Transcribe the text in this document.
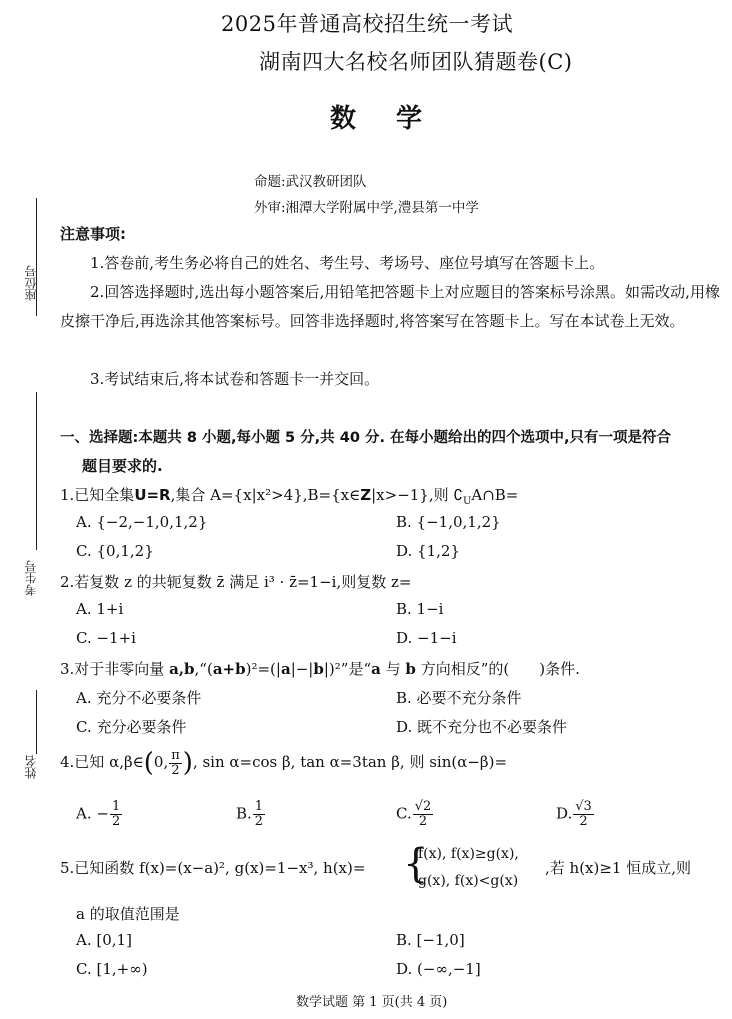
2025年普通高校招生统一考试
湖南四大名校名师团队猜题卷(C)
数学
命题:武汉教研团队
外审:湘潭大学附属中学,澧县第一中学
座位号
考生号
姓名
注意事项:
1.答卷前,考生务必将自己的姓名、考生号、考场号、座位号填写在答题卡上。
2.回答选择题时,选出每小题答案后,用铅笔把答题卡上对应题目的答案标号涂黑。如需改动,用橡皮擦干净后,再选涂其他答案标号。回答非选择题时,将答案写在答题卡上。写在本试卷上无效。
3.考试结束后,将本试卷和答题卡一并交回。
一、选择题:本题共 8 小题,每小题 5 分,共 40 分. 在每小题给出的四个选项中,只有一项是符合
题目要求的.
1.已知全集U=R,集合 A={x|x²>4},B={x∈Z|x>−1},则 $∁_UA\cap B=$
A. {−2,−1,0,1,2}	B. {−1,0,1,2}
C. {0,1,2}	D. {1,2}
2.若复数 z 的共轭复数 z̄ 满足 i³ · z̄=1−i,则复数 z=
A. 1+i	B. 1−i
C. −1+i	D. −1−i
3.对于非零向量 a,b,“(a+b)²=(|a|−|b|)²”是“a 与 b 方向相反”的(　　)条件.
A. 充分不必要条件	B. 必要不充分条件
C. 充分必要条件	D. 既不充分也不必要条件
4.已知 α,β∈(0, $\frac{\pi}{2}$ ), sin α=cos β, tan α=3tan β, 则 sin(α−β)=
A. − $\frac{1}{2}$	B. $\frac{1}{2}$	C. $\frac{√2}{2}$	D. $\frac{√3}{2}$
5.已知函数 f(x)=(x−a)², g(x)=1−x³, h(x)= {
f(x), f(x)≥g(x),
g(x), f(x)<g(x)
,若 h(x)≥1 恒成立,则
a 的取值范围是
A. [0,1]	B. [−1,0]
C. [1,+∞)	D. (−∞,−1]
数学试题 第 1 页(共 4 页)
